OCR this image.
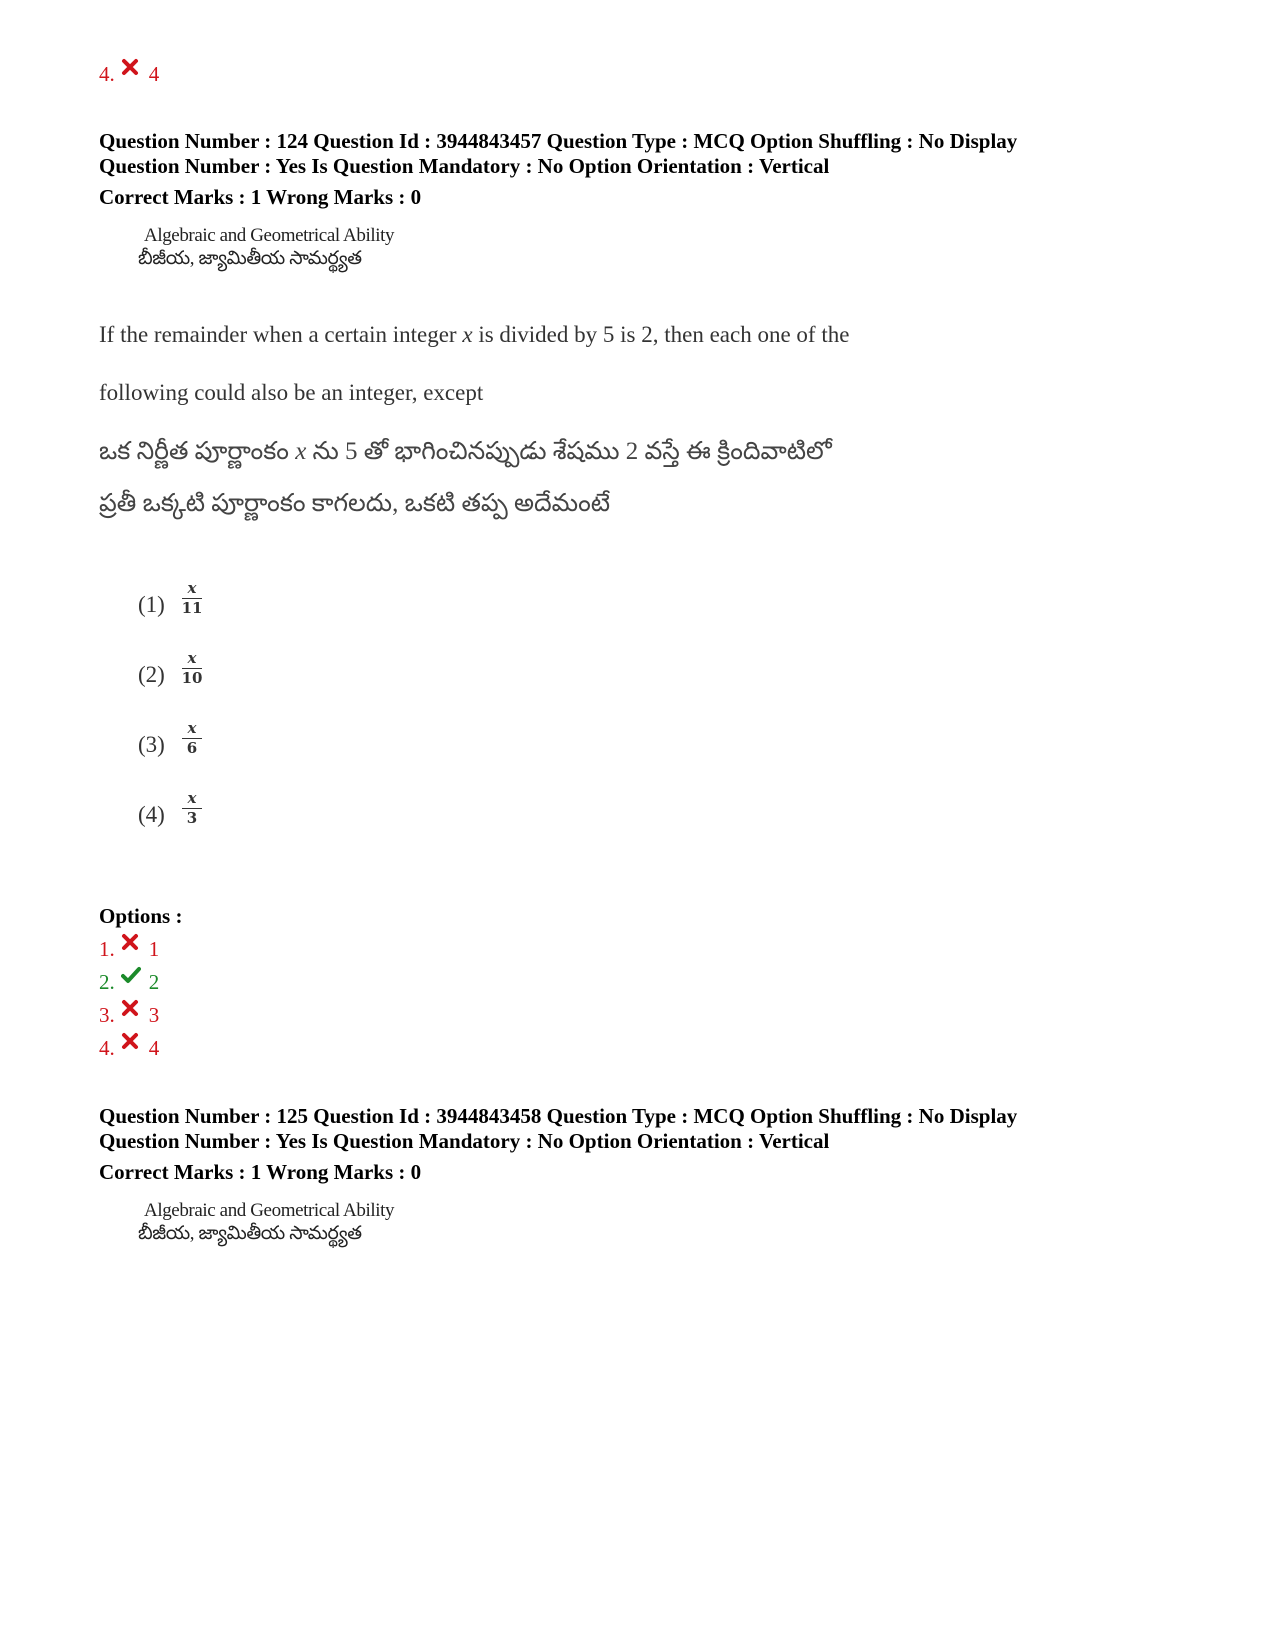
4. 4
Question Number : 124 Question Id : 3944843457 Question Type : MCQ Option Shuffling : No Display
Question Number : Yes Is Question Mandatory : No Option Orientation : Vertical
Correct Marks : 1 Wrong Marks : 0
Algebraic and Geometrical Ability
బీజీయ, జ్యామితీయ సామర్థ్యత
If the remainder when a certain integer x is divided by 5 is 2, then each one of the
following could also be an integer, except
ఒక నిర్ణీత పూర్ణాంకం x ను 5 తో భాగించినప్పుడు శేషము 2 వస్తే ఈ క్రిందివాటిలో
ప్రతీ ఒక్కటి పూర్ణాంకం కాగలదు, ఒకటి తప్ప అదేమంటే
(1)
x
11
(2)
x
10
(3)
x
6
(4)
x
3
Options :
1. 1
2. 2
3. 3
4. 4
Question Number : 125 Question Id : 3944843458 Question Type : MCQ Option Shuffling : No Display
Question Number : Yes Is Question Mandatory : No Option Orientation : Vertical
Correct Marks : 1 Wrong Marks : 0
Algebraic and Geometrical Ability
బీజీయ, జ్యామితీయ సామర్థ్యత
